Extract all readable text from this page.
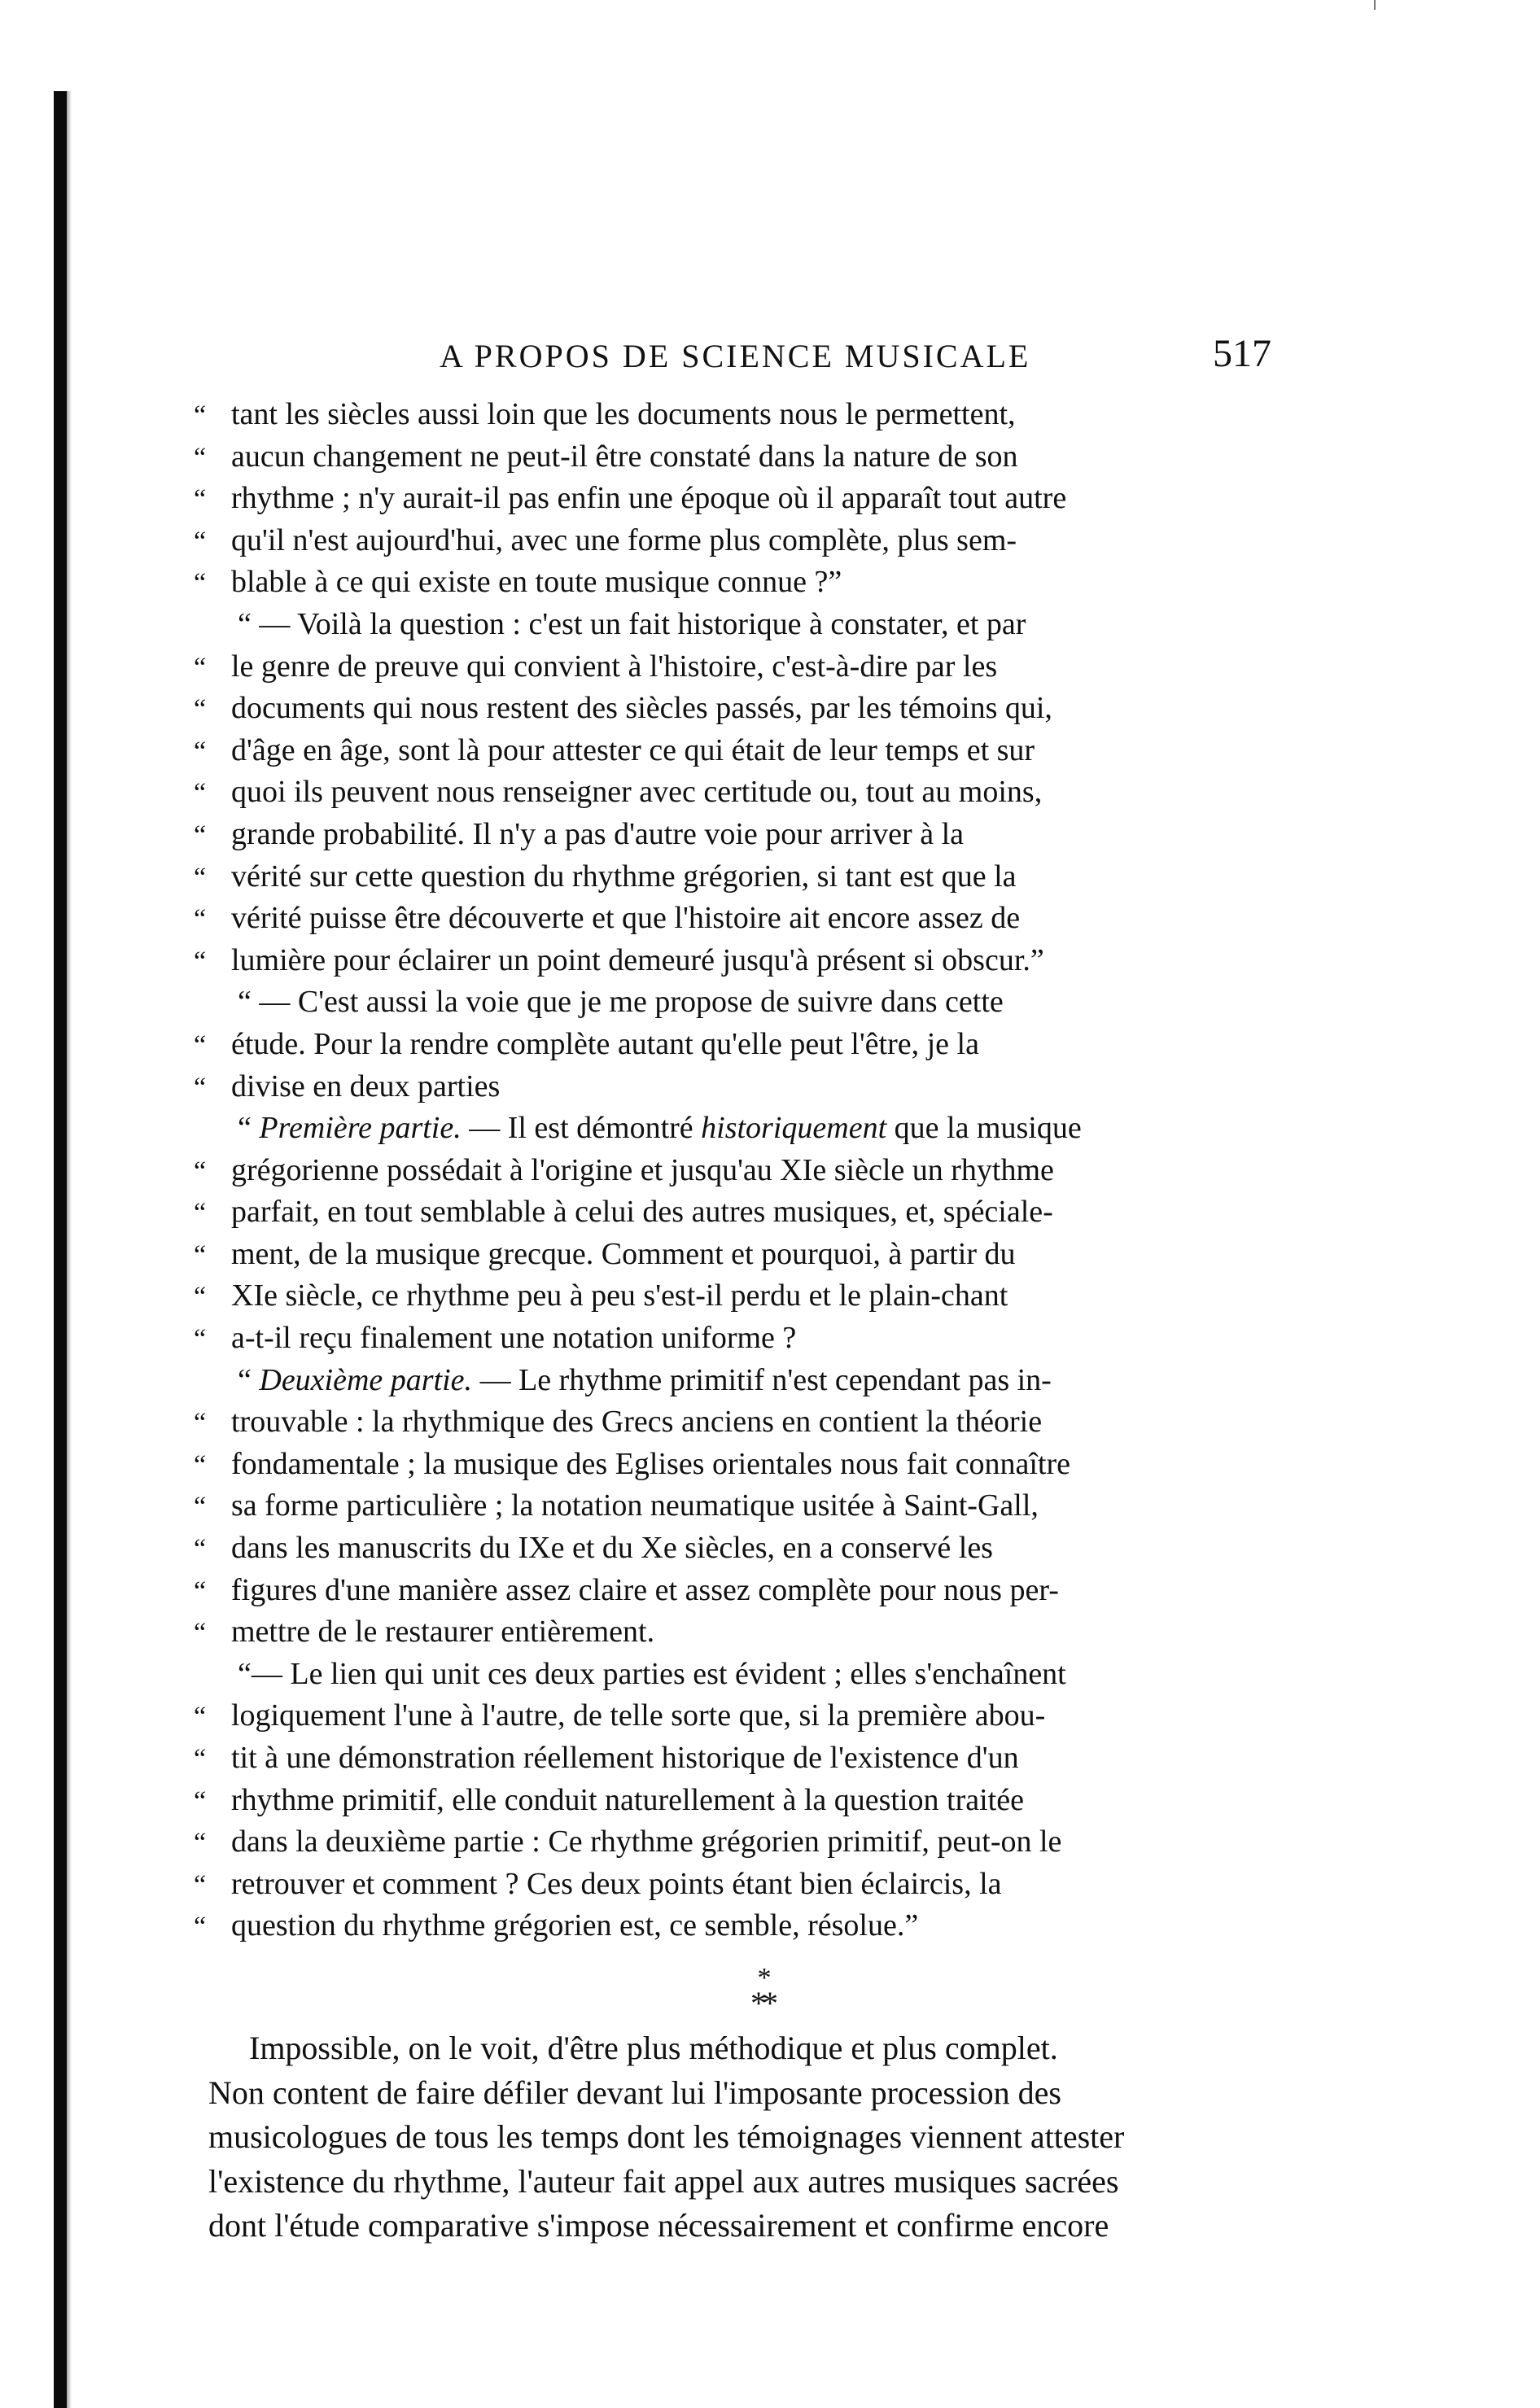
A PROPOS DE SCIENCE MUSICALE	517
“ tant les siècles aussi loin que les documents nous le permettent,
“ aucun changement ne peut-il être constaté dans la nature de son
“ rhythme ; n'y aurait-il pas enfin une époque où il apparaît tout autre
“ qu'il n'est aujourd'hui, avec une forme plus complète, plus sem-
“ blable à ce qui existe en toute musique connue ?”
“ — Voilà la question : c'est un fait historique à constater, et par
“ le genre de preuve qui convient à l'histoire, c'est-à-dire par les
“ documents qui nous restent des siècles passés, par les témoins qui,
“ d'âge en âge, sont là pour attester ce qui était de leur temps et sur
“ quoi ils peuvent nous renseigner avec certitude ou, tout au moins,
“ grande probabilité. Il n'y a pas d'autre voie pour arriver à la
“ vérité sur cette question du rhythme grégorien, si tant est que la
“ vérité puisse être découverte et que l'histoire ait encore assez de
“ lumière pour éclairer un point demeuré jusqu'à présent si obscur.”
“ — C'est aussi la voie que je me propose de suivre dans cette
“ étude. Pour la rendre complète autant qu'elle peut l'être, je la
“ divise en deux parties
“ Première partie. — Il est démontré historiquement que la musique
“ grégorienne possédait à l'origine et jusqu'au XIe siècle un rhythme
“ parfait, en tout semblable à celui des autres musiques, et, spéciale-
“ ment, de la musique grecque. Comment et pourquoi, à partir du
“ XIe siècle, ce rhythme peu à peu s'est-il perdu et le plain-chant
“ a-t-il reçu finalement une notation uniforme ?
“ Deuxième partie. — Le rhythme primitif n'est cependant pas in-
“ trouvable : la rhythmique des Grecs anciens en contient la théorie
“ fondamentale ; la musique des Eglises orientales nous fait connaître
“ sa forme particulière ; la notation neumatique usitée à Saint-Gall,
“ dans les manuscrits du IXe et du Xe siècles, en a conservé les
“ figures d'une manière assez claire et assez complète pour nous per-
“ mettre de le restaurer entièrement.
“— Le lien qui unit ces deux parties est évident ; elles s'enchaînent
“ logiquement l'une à l'autre, de telle sorte que, si la première abou-
“ tit à une démonstration réellement historique de l'existence d'un
“ rhythme primitif, elle conduit naturellement à la question traitée
“ dans la deuxième partie : Ce rhythme grégorien primitif, peut-on le
“ retrouver et comment ? Ces deux points étant bien éclaircis, la
“ question du rhythme grégorien est, ce semble, résolue.”
*
**
Impossible, on le voit, d'être plus méthodique et plus complet.
Non content de faire défiler devant lui l'imposante procession des
musicologues de tous les temps dont les témoignages viennent attester
l'existence du rhythme, l'auteur fait appel aux autres musiques sacrées
dont l'étude comparative s'impose nécessairement et confirme encore
